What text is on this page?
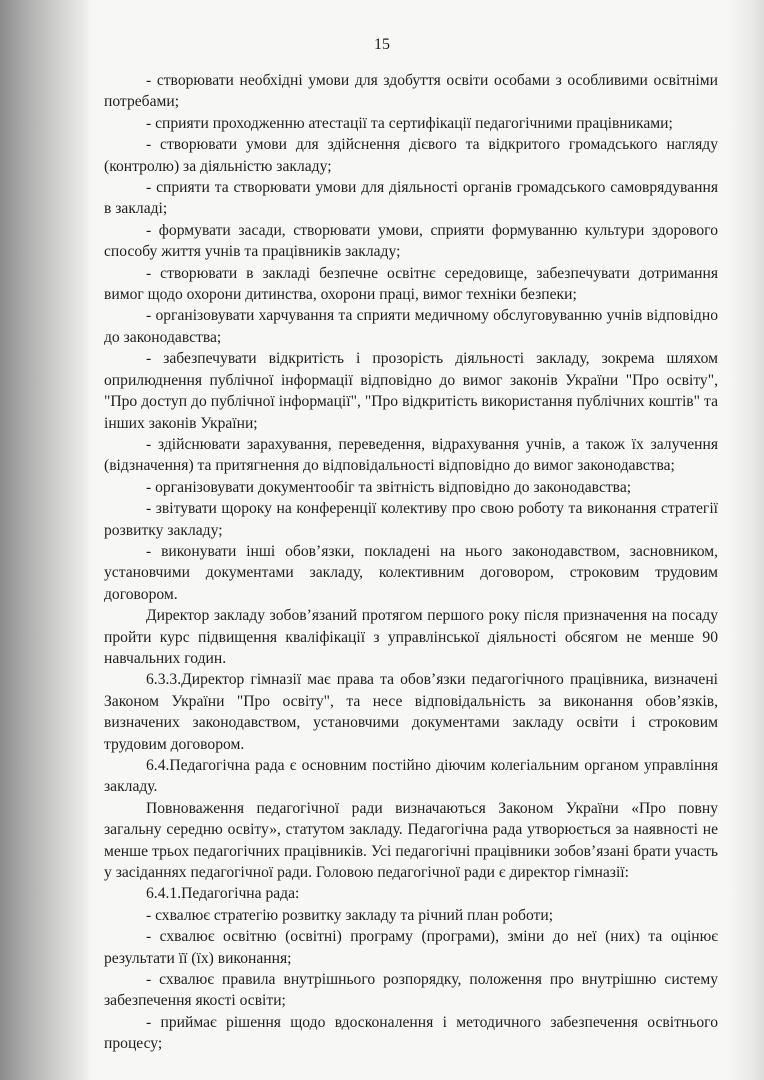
15

- створювати необхідні умови для здобуття освіти особами з особливими освітніми потребами;

- сприяти проходженню атестації та сертифікації педагогічними працівниками;

- створювати умови для здійснення дієвого та відкритого громадського нагляду (контролю) за діяльністю закладу;

- сприяти та створювати умови для діяльності органів громадського самоврядування в закладі;

- формувати засади, створювати умови, сприяти формуванню культури здорового способу життя учнів та працівників закладу;

- створювати в закладі безпечне освітнє середовище, забезпечувати дотримання вимог щодо охорони дитинства, охорони праці, вимог техніки безпеки;

- організовувати харчування та сприяти медичному обслуговуванню учнів відповідно до законодавства;

- забезпечувати відкритість і прозорість діяльності закладу, зокрема шляхом оприлюднення публічної інформації відповідно до вимог законів України "Про освіту", "Про доступ до публічної інформації", "Про відкритість використання публічних коштів" та інших законів України;

- здійснювати зарахування, переведення, відрахування учнів, а також їх залучення (відзначення) та притягнення до відповідальності відповідно до вимог законодавства;

- організовувати документообіг та звітність відповідно до законодавства;

- звітувати щороку на конференції колективу про свою роботу та виконання стратегії розвитку закладу;

- виконувати інші обов’язки, покладені на нього законодавством, засновником, установчими документами закладу, колективним договором, строковим трудовим договором.

Директор закладу зобов’язаний протягом першого року після призначення на посаду пройти курс підвищення кваліфікації з управлінської діяльності обсягом не менше 90 навчальних годин.

6.3.3.Директор гімназії має права та обов’язки педагогічного працівника, визначені Законом України "Про освіту", та несе відповідальність за виконання обов’язків, визначених законодавством, установчими документами закладу освіти і строковим трудовим договором.

6.4.Педагогічна рада є основним постійно діючим колегіальним органом управління закладу.

Повноваження педагогічної ради визначаються Законом України «Про повну загальну середню освіту», статутом закладу. Педагогічна рада утворюється за наявності не менше трьох педагогічних працівників. Усі педагогічні працівники зобов’язані брати участь у засіданнях педагогічної ради. Головою педагогічної ради є директор гімназії:

6.4.1.Педагогічна рада:

- схвалює стратегію розвитку закладу та річний план роботи;

- схвалює освітню (освітні) програму (програми), зміни до неї (них) та оцінює результати її (їх) виконання;

- схвалює правила внутрішнього розпорядку, положення про внутрішню систему забезпечення якості освіти;

- приймає рішення щодо вдосконалення і методичного забезпечення освітнього процесу;
